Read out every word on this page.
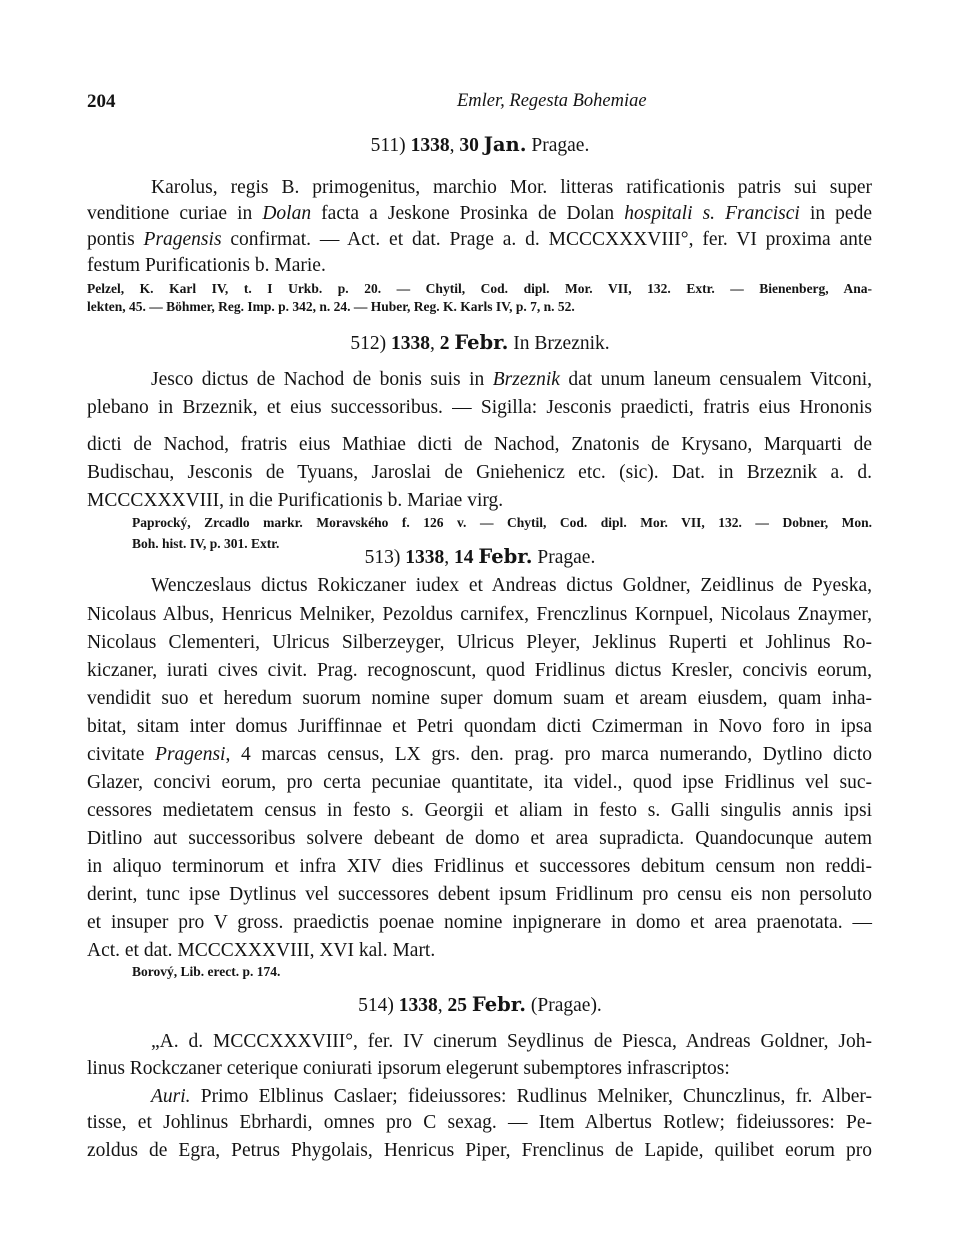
204	Emler, Regesta Bohemiae
511) 1338, 30 Jan. Pragae.
Karolus, regis B. primogenitus, marchio Mor. litteras ratificationis patris sui super
venditione curiae in Dolan facta a Jeskone Prosinka de Dolan hospitali s. Francisci in pede
pontis Pragensis confirmat. — Act. et dat. Prage a. d. MCCCXXXVIII°, fer. VI proxima ante
festum Purificationis b. Marie.
Pelzel, K. Karl IV, t. I Urkb. p. 20. — Chytil, Cod. dipl. Mor. VII, 132. Extr. — Bienenberg, Ana-
lekten, 45. — Böhmer, Reg. Imp. p. 342, n. 24. — Huber, Reg. K. Karls IV, p. 7, n. 52.
512) 1338, 2 Febr. In Brzeznik.
Jesco dictus de Nachod de bonis suis in Brzeznik dat unum laneum censualem Vitconi,
plebano in Brzeznik, et eius successoribus. — Sigilla: Jesconis praedicti, fratris eius Hrononis
dicti de Nachod, fratris eius Mathiae dicti de Nachod, Znatonis de Krysano, Marquarti de
Budischau, Jesconis de Tyuans, Jaroslai de Gniehenicz etc. (sic). Dat. in Brzeznik a. d.
MCCCXXXVIII, in die Purificationis b. Mariae virg.
Paprocký, Zrcadlo markr. Moravského f. 126 v. — Chytil, Cod. dipl. Mor. VII, 132. — Dobner, Mon.
Boh. hist. IV, p. 301. Extr.
513) 1338, 14 Febr. Pragae.
Wenczeslaus dictus Rokiczaner iudex et Andreas dictus Goldner, Zeidlinus de Pyeska,
Nicolaus Albus, Henricus Melniker, Pezoldus carnifex, Frenczlinus Kornpuel, Nicolaus Znaymer,
Nicolaus Clementeri, Ulricus Silberzeyger, Ulricus Pleyer, Jeklinus Ruperti et Johlinus Ro-
kiczaner, iurati cives civit. Prag. recognoscunt, quod Fridlinus dictus Kresler, concivis eorum,
vendidit suo et heredum suorum nomine super domum suam et aream eiusdem, quam inha-
bitat, sitam inter domus Juriffinnae et Petri quondam dicti Czimerman in Novo foro in ipsa
civitate Pragensi, 4 marcas census, LX grs. den. prag. pro marca numerando, Dytlino dicto
Glazer, concivi eorum, pro certa pecuniae quantitate, ita videl., quod ipse Fridlinus vel suc-
cessores medietatem census in festo s. Georgii et aliam in festo s. Galli singulis annis ipsi
Ditlino aut successoribus solvere debeant de domo et area supradicta. Quandocunque autem
in aliquo terminorum et infra XIV dies Fridlinus et successores debitum censum non reddi-
derint, tunc ipse Dytlinus vel successores debent ipsum Fridlinum pro censu eis non persoluto
et insuper pro V gross. praedictis poenae nomine inpignerare in domo et area praenotata. —
Act. et dat. MCCCXXXVIII, XVI kal. Mart.
Borový, Lib. erect. p. 174.
514) 1338, 25 Febr. (Pragae).
„A. d. MCCCXXXVIII°, fer. IV cinerum Seydlinus de Piesca, Andreas Goldner, Joh-
linus Rockczaner ceterique coniurati ipsorum elegerunt subemptores infrascriptos:
Auri. Primo Elblinus Caslaer; fideiussores: Rudlinus Melniker, Chunczlinus, fr. Alber-
tisse, et Johlinus Ebrhardi, omnes pro C sexag. — Item Albertus Rotlew; fideiussores: Pe-
zoldus de Egra, Petrus Phygolais, Henricus Piper, Frenclinus de Lapide, quilibet eorum pro
